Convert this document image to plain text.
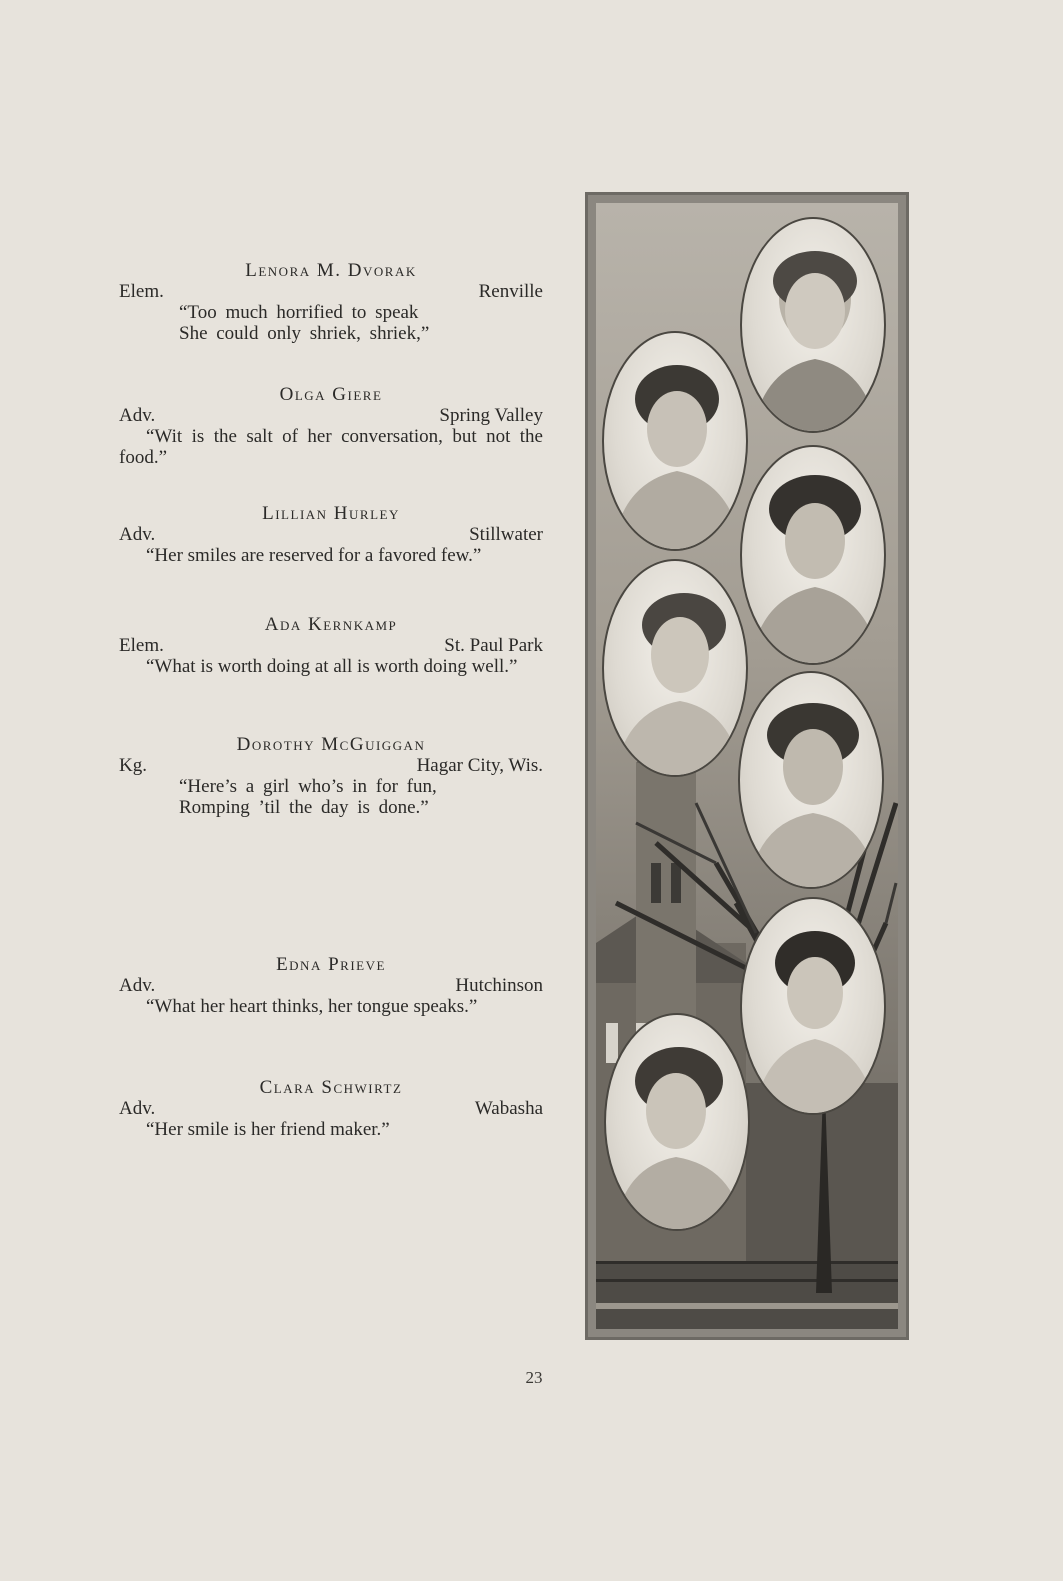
Lenora M. Dvorak
Elem.	Renville
“Too much horrified to speak
She could only shriek, shriek,”
Olga Giere
Adv.	Spring Valley
“Wit is the salt of her conversation, but not the food.”
Lillian Hurley
Adv.	Stillwater
“Her smiles are reserved for a favored few.”
Ada Kernkamp
Elem.	St. Paul Park
“What is worth doing at all is worth doing well.”
Dorothy McGuiggan
Kg.	Hagar City, Wis.
“Here’s a girl who’s in for fun,
Romping ’til the day is done.”
Edna Prieve
Adv.	Hutchinson
“What her heart thinks, her tongue speaks.”
Clara Schwirtz
Adv.	Wabasha
“Her smile is her friend maker.”
23
